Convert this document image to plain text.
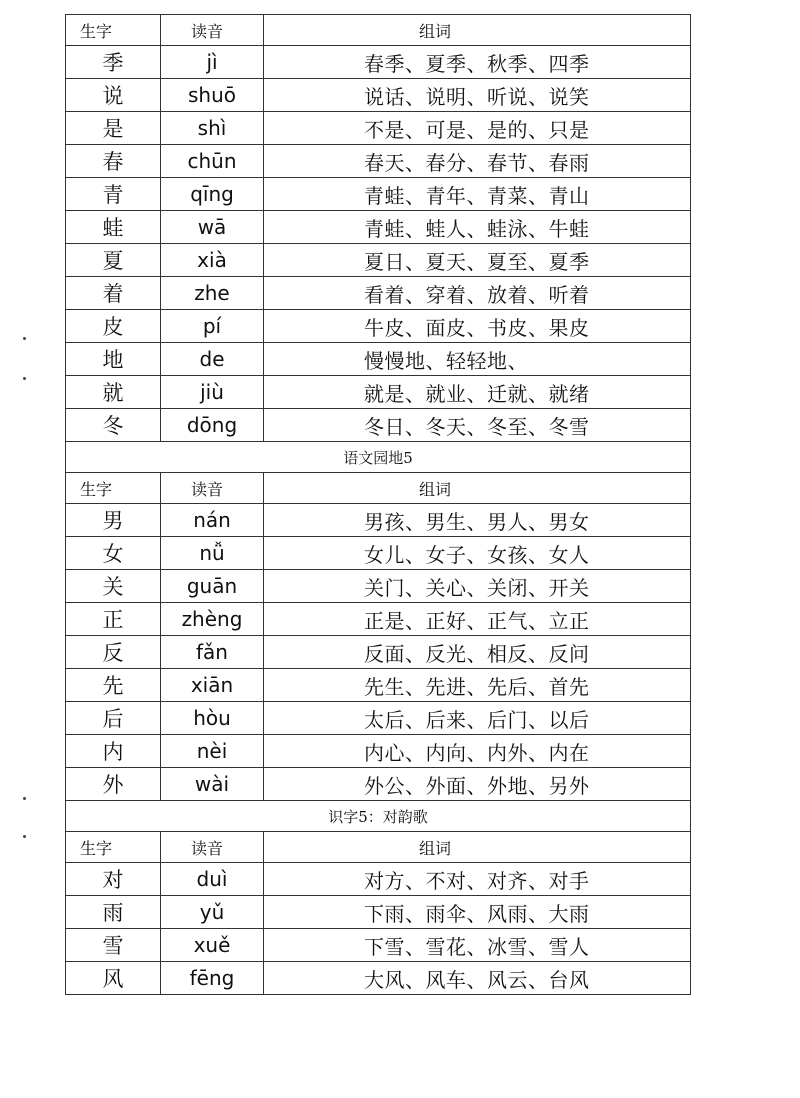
生字	读音	组词
季	jì	春季、夏季、秋季、四季
说	shuō	说话、说明、听说、说笑
是	shì	不是、可是、是的、只是
春	chūn	春天、春分、春节、春雨
青	qīng	青蛙、青年、青菜、青山
蛙	wā	青蛙、蛙人、蛙泳、牛蛙
夏	xià	夏日、夏天、夏至、夏季
着	zhe	看着、穿着、放着、听着
皮	pí	牛皮、面皮、书皮、果皮
地	de	慢慢地、轻轻地、
就	jiù	就是、就业、迁就、就绪
冬	dōng	冬日、冬天、冬至、冬雪
语文园地5		
生字	读音	组词
男	nán	男孩、男生、男人、男女
女	nǚ	女儿、女子、女孩、女人
关	guān	关门、关心、关闭、开关
正	zhèng	正是、正好、正气、立正
反	fǎn	反面、反光、相反、反问
先	xiān	先生、先进、先后、首先
后	hòu	太后、后来、后门、以后
内	nèi	内心、内向、内外、内在
外	wài	外公、外面、外地、另外
识字5：对韵歌		
生字	读音	组词
对	duì	对方、不对、对齐、对手
雨	yǔ	下雨、雨伞、风雨、大雨
雪	xuě	下雪、雪花、冰雪、雪人
风	fēng	大风、风车、风云、台风
